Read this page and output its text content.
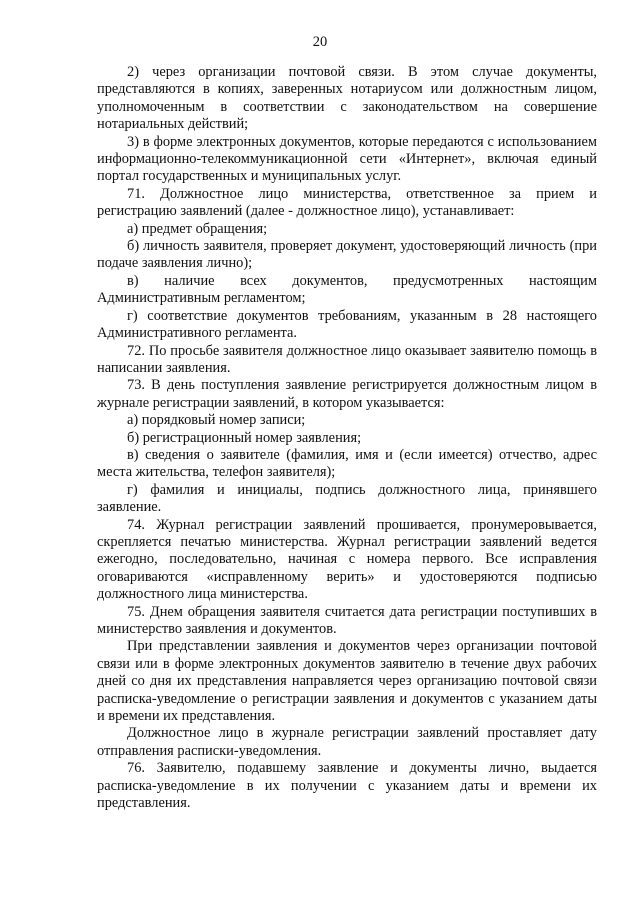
20

2) через организации почтовой связи. В этом случае документы, представляются в копиях, заверенных нотариусом или должностным лицом, уполномоченным в соответствии с законодательством на совершение нотариальных действий;

3) в форме электронных документов, которые передаются с использованием информационно-телекоммуникационной сети «Интернет», включая единый портал государственных и муниципальных услуг.

71. Должностное лицо министерства, ответственное за прием и регистрацию заявлений (далее - должностное лицо), устанавливает:

а) предмет обращения;

б) личность заявителя, проверяет документ, удостоверяющий личность (при подаче заявления лично);

в) наличие всех документов, предусмотренных настоящим Административным регламентом;

г) соответствие документов требованиям, указанным в 28 настоящего Административного регламента.

72. По просьбе заявителя должностное лицо оказывает заявителю помощь в написании заявления.

73. В день поступления заявление регистрируется должностным лицом в журнале регистрации заявлений, в котором указывается:

а) порядковый номер записи;

б) регистрационный номер заявления;

в) сведения о заявителе (фамилия, имя и (если имеется) отчество, адрес места жительства, телефон заявителя);

г) фамилия и инициалы, подпись должностного лица, принявшего заявление.

74. Журнал регистрации заявлений прошивается, пронумеровывается, скрепляется печатью министерства. Журнал регистрации заявлений ведется ежегодно, последовательно, начиная с номера первого. Все исправления оговариваются «исправленному верить» и удостоверяются подписью должностного лица министерства.

75. Днем обращения заявителя считается дата регистрации поступивших в министерство заявления и документов.

При представлении заявления и документов через организации почтовой связи или в форме электронных документов заявителю в течение двух рабочих дней со дня их представления направляется через организацию почтовой связи расписка-уведомление о регистрации заявления и документов с указанием даты и времени их представления.

Должностное лицо в журнале регистрации заявлений проставляет дату отправления расписки-уведомления.

76. Заявителю, подавшему заявление и документы лично, выдается расписка-уведомление в их получении с указанием даты и времени их представления.
